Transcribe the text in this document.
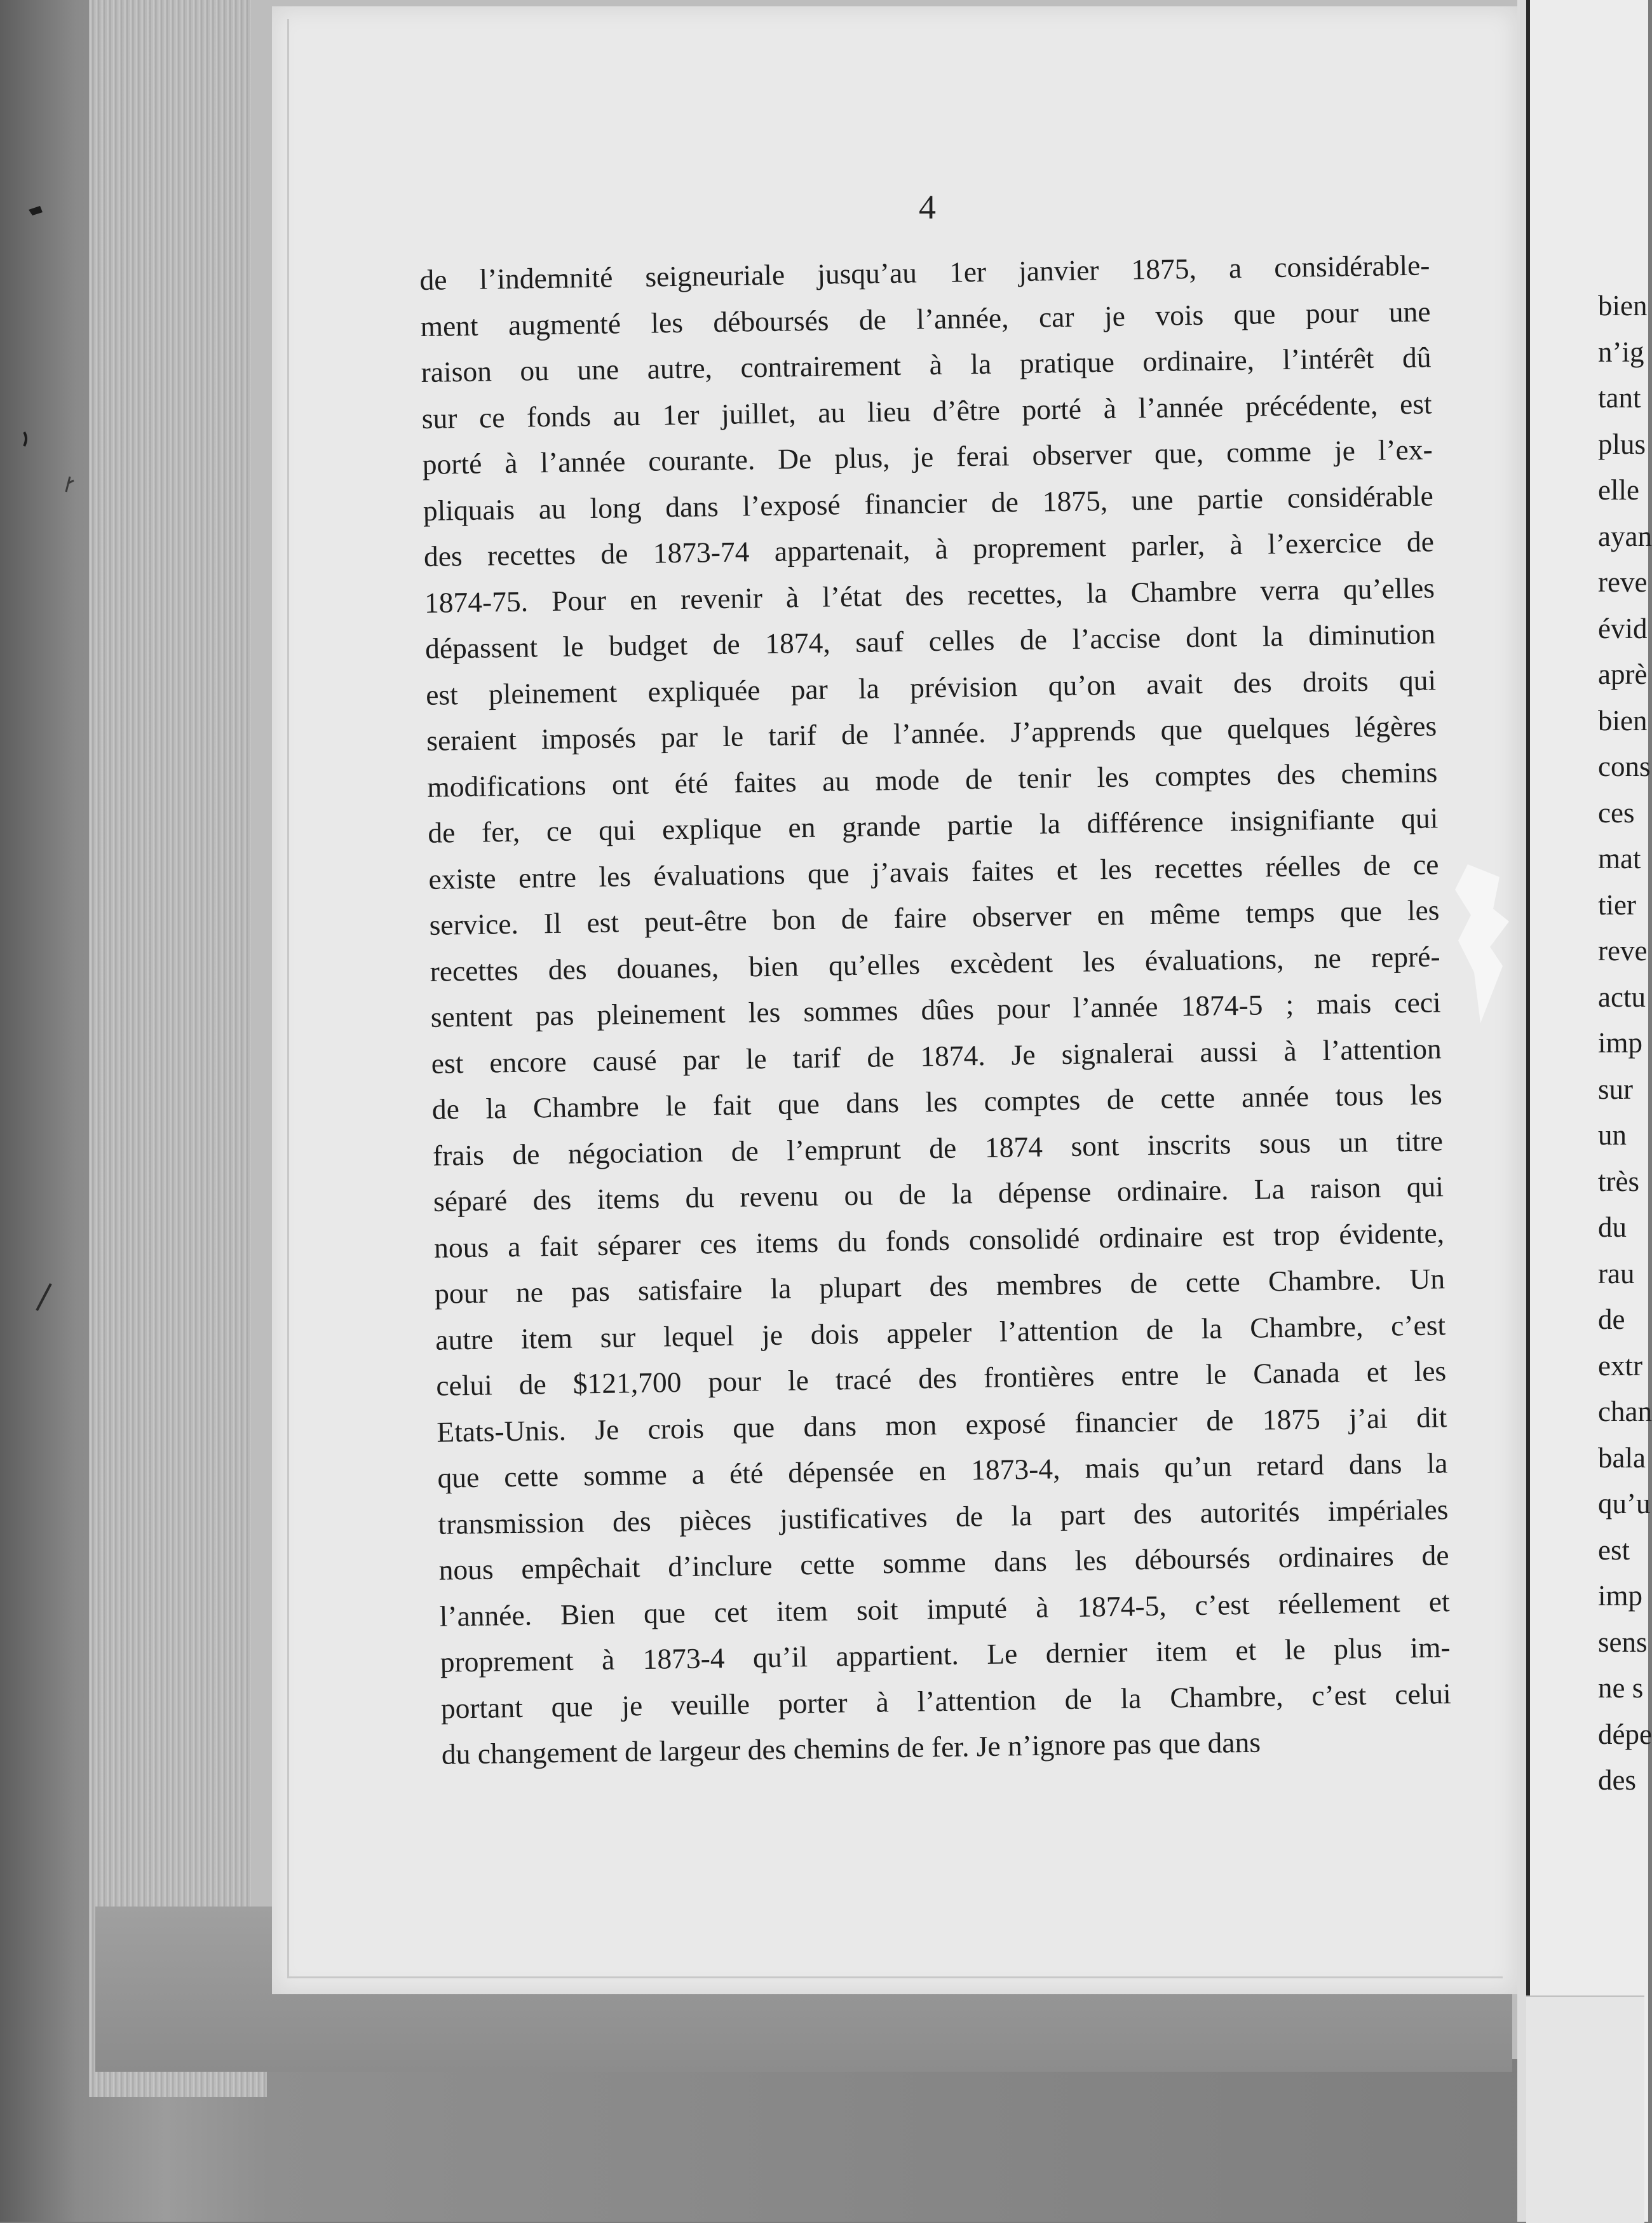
4
de l’indemnité seigneuriale jusqu’au 1er janvier 1875, a considérable-
ment augmenté les déboursés de l’année, car je vois que pour une
raison ou une autre, contrairement à la pratique ordinaire, l’intérêt dû
sur ce fonds au 1er juillet, au lieu d’être porté à l’année précédente, est
porté à l’année courante. De plus, je ferai observer que, comme je l’ex-
pliquais au long dans l’exposé financier de 1875, une partie considérable
des recettes de 1873-74 appartenait, à proprement parler, à l’exercice de
1874-75. Pour en revenir à l’état des recettes, la Chambre verra qu’elles
dépassent le budget de 1874, sauf celles de l’accise dont la diminution
est pleinement expliquée par la prévision qu’on avait des droits qui
seraient imposés par le tarif de l’année. J’apprends que quelques légères
modifications ont été faites au mode de tenir les comptes des chemins
de fer, ce qui explique en grande partie la différence insignifiante qui
existe entre les évaluations que j’avais faites et les recettes réelles de ce
service. Il est peut-être bon de faire observer en même temps que les
recettes des douanes, bien qu’elles excèdent les évaluations, ne repré-
sentent pas pleinement les sommes dûes pour l’année 1874-5 ; mais ceci
est encore causé par le tarif de 1874. Je signalerai aussi à l’attention
de la Chambre le fait que dans les comptes de cette année tous les
frais de négociation de l’emprunt de 1874 sont inscrits sous un titre
séparé des items du revenu ou de la dépense ordinaire. La raison qui
nous a fait séparer ces items du fonds consolidé ordinaire est trop évidente,
pour ne pas satisfaire la plupart des membres de cette Chambre. Un
autre item sur lequel je dois appeler l’attention de la Chambre, c’est
celui de $121,700 pour le tracé des frontières entre le Canada et les
Etats-Unis. Je crois que dans mon exposé financier de 1875 j’ai dit
que cette somme a été dépensée en 1873-4, mais qu’un retard dans la
transmission des pièces justificatives de la part des autorités impériales
nous empêchait d’inclure cette somme dans les déboursés ordinaires de
l’année. Bien que cet item soit imputé à 1874-5, c’est réellement et
proprement à 1873-4 qu’il appartient. Le dernier item et le plus im-
portant que je veuille porter à l’attention de la Chambre, c’est celui
du changement de largeur des chemins de fer. Je n’ignore pas que dans
bien
n’ig
tant
plus
elle
ayan
reve
évid
aprè
bien
cons
ces
mat
tier
reve
actu
imp
sur
un
très
du
rau
de
extr
chan
bala
qu’u
est
imp
sens
ne s
dépe
des
